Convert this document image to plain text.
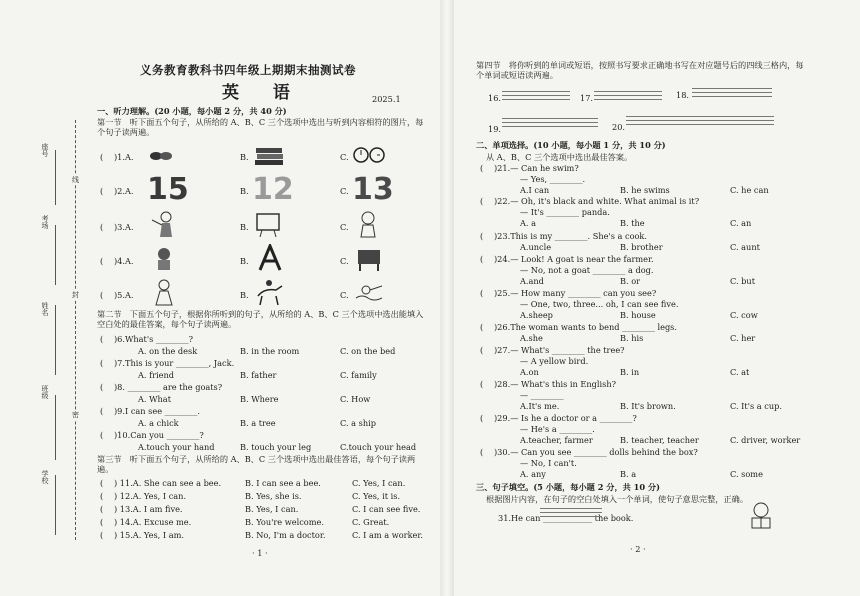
座号
考场
姓名
班级
学校
线
封
密
义务教育教科书四年级上期期末抽测试卷
英 语	2025.1
一、听力理解。(20 小题，每小题 2 分，共 40 分)
第一节　听下面五个句子，从所给的 A、B、C 三个选项中选出与听到内容相符的图片，每个句子读两遍。
( 　)1.A.	B.	C.
( 　)2.A. 15	B. 12	C. 13
( 　)3.A.	B.	C.
( 　)4.A.	B.	C.
( 　)5.A.	B.	C.
第二节　下面五个句子，根据你所听到的句子，从所给的 A、B、C 三个选项中选出能填入空白处的最佳答案，每个句子读两遍。
( 　)6.What's ________?
A. on the desk	B. in the room	C. on the bed
( 　)7.This is your ________, Jack.
A. friend	B. father	C. family
( 　)8. ________ are the goats?
A. What	B. Where	C. How
( 　)9.I can see ________.
A. a chick	B. a tree	C. a ship
( 　)10.Can you ________?
A.touch your hand	B. touch your leg	C.touch your head
第三节　听下面五个句子，从所给的 A、B、C 三个选项中选出最佳答语，每个句子读两遍。
( 　) 11.A. She can see a bee.	B. I can see a bee.	C. Yes, I can.
( 　) 12.A. Yes, I can.	B. Yes, she is.	C. Yes, it is.
( 　) 13.A. I am five.	B. Yes, I can.	C. I can see five.
( 　) 14.A. Excuse me.	B. You're welcome.	C. Great.
( 　) 15.A. Yes, I am.	B. No, I'm a doctor.	C. I am a worker.
· 1 ·
第四节　将你听到的单词或短语，按照书写要求正确地书写在对应题号后的四线三格内，每个单词或短语读两遍。
16.	17.	18.
19.	20.
二、单项选择。(10 小题，每小题 1 分，共 10 分)
从 A、B、C 三个选项中选出最佳答案。
(　 )21.— Can he swim?
— Yes, ________.
A.I can	B. he swims	C. he can
(　 )22.— Oh, it's black and white. What animal is it?
— It's ________ panda.
A. a	B. the	C. an
(　 )23.This is my ________. She's a cook.
A.uncle	B. brother	C. aunt
(　 )24.— Look! A goat is near the farmer.
— No, not a goat ________ a dog.
A.and	B. or	C. but
(　 )25.— How many ________ can you see?
— One, two, three... oh, I can see five.
A.sheep	B. house	C. cow
(　 )26.The woman wants to bend ________ legs.
A.she	B. his	C. her
(　 )27.— What's ________ the tree?
— A yellow bird.
A.on	B. in	C. at
(　 )28.— What's this in English?
— ________
A.It's me.	B. It's brown.	C. It's a cup.
(　 )29.— Is he a doctor or a ________?
— He's a ________.
A.teacher, farmer	B. teacher, teacher	C. driver, worker
(　 )30.— Can you see ________ dolls behind the box?
— No, I can't.
A. any	B. a	C. some
三、句子填空。(5 小题，每小题 2 分，共 10 分)
根据图片内容，在句子的空白处填入一个单词，使句子意思完整，正确。
31.He can ____________ the book.
· 2 ·
